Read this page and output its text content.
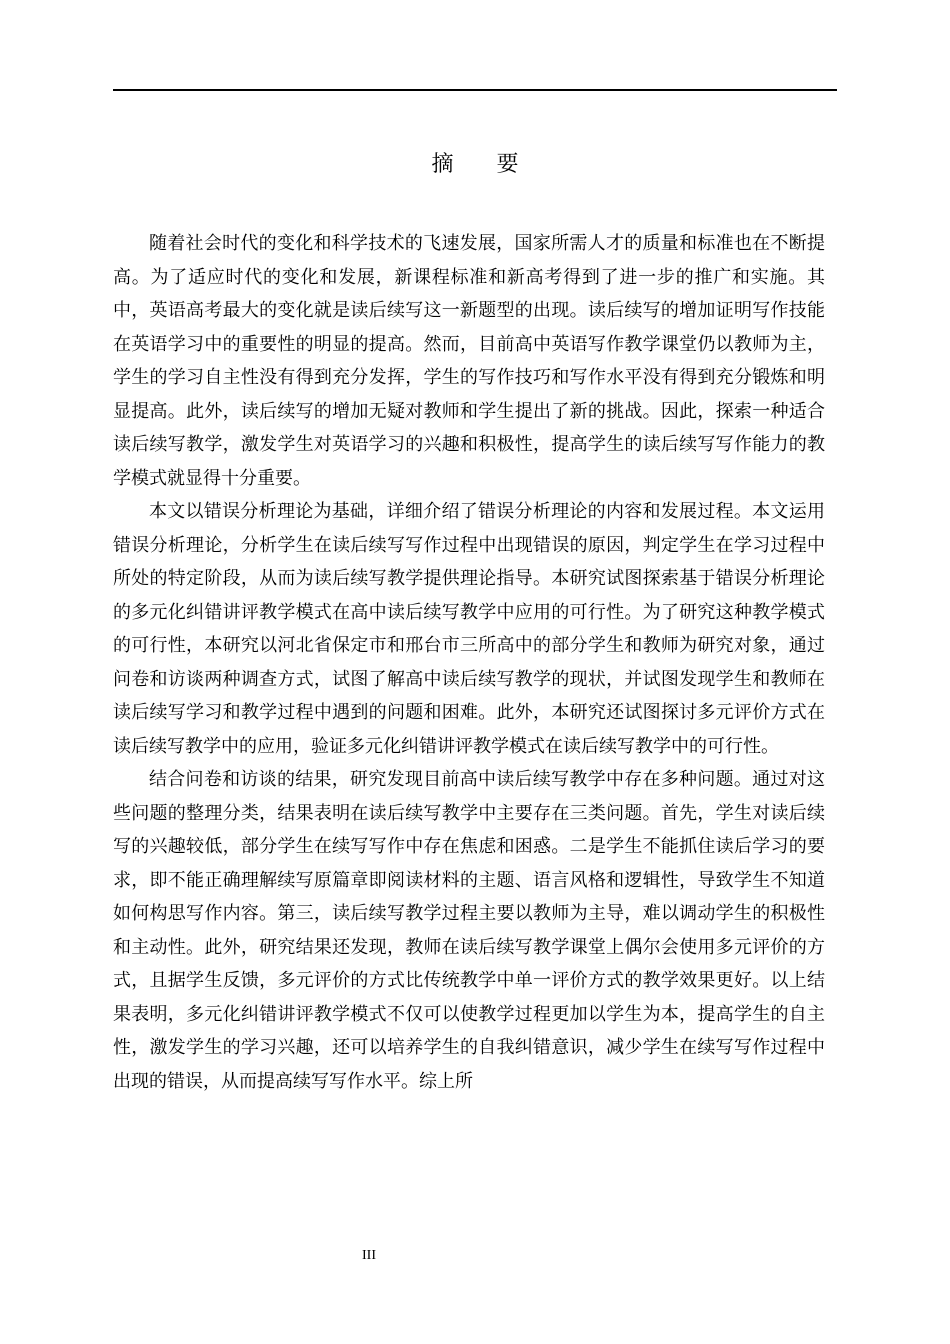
摘 要

随着社会时代的变化和科学技术的飞速发展，国家所需人才的质量和标准也在不断提高。为了适应时代的变化和发展，新课程标准和新高考得到了进一步的推广和实施。其中，英语高考最大的变化就是读后续写这一新题型的出现。读后续写的增加证明写作技能在英语学习中的重要性的明显的提高。然而，目前高中英语写作教学课堂仍以教师为主，学生的学习自主性没有得到充分发挥，学生的写作技巧和写作水平没有得到充分锻炼和明显提高。此外，读后续写的增加无疑对教师和学生提出了新的挑战。因此，探索一种适合读后续写教学，激发学生对英语学习的兴趣和积极性，提高学生的读后续写写作能力的教学模式就显得十分重要。

本文以错误分析理论为基础，详细介绍了错误分析理论的内容和发展过程。本文运用错误分析理论，分析学生在读后续写写作过程中出现错误的原因，判定学生在学习过程中所处的特定阶段，从而为读后续写教学提供理论指导。本研究试图探索基于错误分析理论的多元化纠错讲评教学模式在高中读后续写教学中应用的可行性。为了研究这种教学模式的可行性，本研究以河北省保定市和邢台市三所高中的部分学生和教师为研究对象，通过问卷和访谈两种调查方式，试图了解高中读后续写教学的现状，并试图发现学生和教师在读后续写学习和教学过程中遇到的问题和困难。此外，本研究还试图探讨多元评价方式在读后续写教学中的应用，验证多元化纠错讲评教学模式在读后续写教学中的可行性。

结合问卷和访谈的结果，研究发现目前高中读后续写教学中存在多种问题。通过对这些问题的整理分类，结果表明在读后续写教学中主要存在三类问题。首先，学生对读后续写的兴趣较低，部分学生在续写写作中存在焦虑和困惑。二是学生不能抓住读后学习的要求，即不能正确理解续写原篇章即阅读材料的主题、语言风格和逻辑性，导致学生不知道如何构思写作内容。第三，读后续写教学过程主要以教师为主导，难以调动学生的积极性和主动性。此外，研究结果还发现，教师在读后续写教学课堂上偶尔会使用多元评价的方式，且据学生反馈，多元评价的方式比传统教学中单一评价方式的教学效果更好。以上结果表明，多元化纠错讲评教学模式不仅可以使教学过程更加以学生为本，提高学生的自主性，激发学生的学习兴趣，还可以培养学生的自我纠错意识，减少学生在续写写作过程中出现的错误，从而提高续写写作水平。综上所

III
